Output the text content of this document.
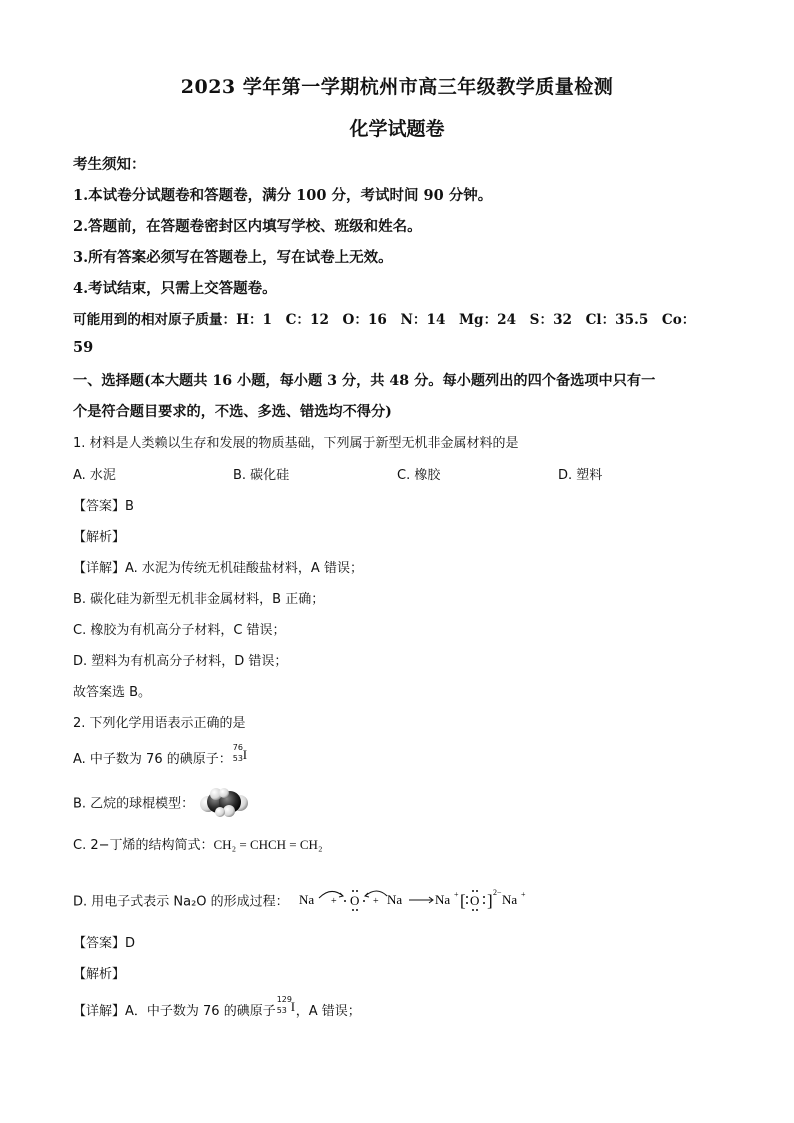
2023 学年第一学期杭州市高三年级教学质量检测
化学试题卷
考生须知：
1.本试卷分试题卷和答题卷，满分 100 分，考试时间 90 分钟。
2.答题前，在答题卷密封区内填写学校、班级和姓名。
3.所有答案必须写在答题卷上，写在试卷上无效。
4.考试结束，只需上交答题卷。
可能用到的相对原子质量：H：1　C：12　O：16　N：14　Mg：24　S：32　Cl：35.5　Co：
59
一、选择题(本大题共 16 小题，每小题 3 分，共 48 分。每小题列出的四个备选项中只有一
个是符合题目要求的，不选、多选、错选均不得分)
1. 材料是人类赖以生存和发展的物质基础，下列属于新型无机非金属材料的是
A. 水泥	B. 碳化硅	C. 橡胶	D. 塑料
【答案】B
【解析】
【详解】A. 水泥为传统无机硅酸盐材料，A 错误；
B. 碳化硅为新型无机非金属材料，B 正确；
C. 橡胶为有机高分子材料，C 错误；
D. 塑料为有机高分子材料，D 错误；
故答案选 B。
2. 下列化学用语表示正确的是
A. 中子数为 76 的碘原子：
76
53 I
B. 乙烷的球棍模型：
C. 2−丁烯的结构简式：CH₂ = CHCH = CH₂
D. 用电子式表示 Na₂O 的形成过程： Na + O + Na	Na + [ O ] 2− Na +
【答案】D
【解析】
【详解】A．中子数为 76 的碘原子
129
53 I ，A 错误；
